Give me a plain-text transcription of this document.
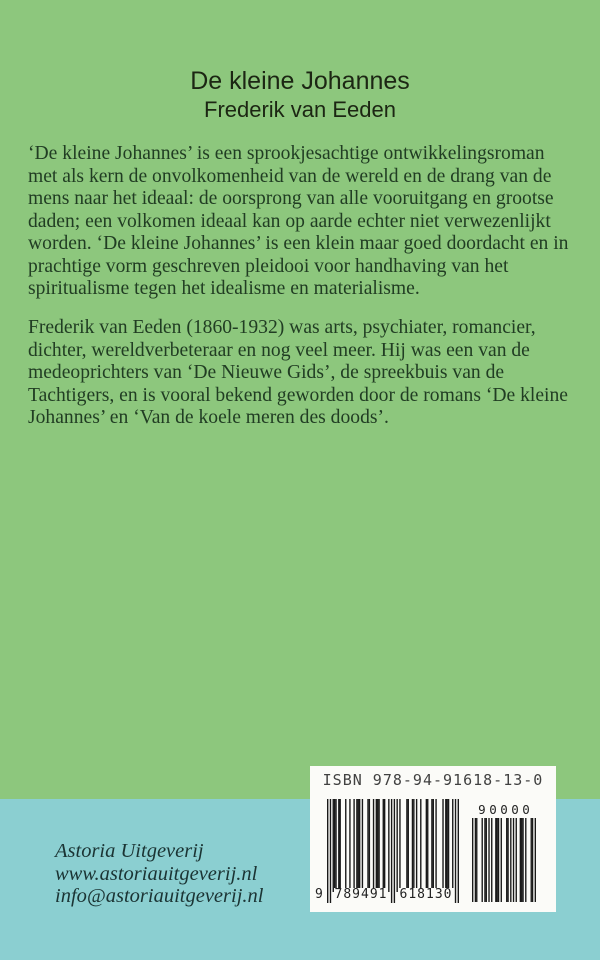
De kleine Johannes
Frederik van Eeden

‘De kleine Johannes’ is een sprookjesachtige ontwikkelingsroman met als kern de onvolkomenheid van de wereld en de drang van de mens naar het ideaal: de oorsprong van alle vooruitgang en grootse daden; een volkomen ideaal kan op aarde echter niet verwezenlijkt worden. ‘De kleine Johannes’ is een klein maar goed doordacht en in prachtige vorm geschreven pleidooi voor handhaving van het spiritualisme tegen het idealisme en materialisme.

Frederik van Eeden (1860-1932) was arts, psychiater, romancier, dichter, wereldverbeteraar en nog veel meer. Hij was een van de medeoprichters van ‘De Nieuwe Gids’, de spreekbuis van de Tachtigers, en is vooral bekend geworden door de romans ‘De kleine Johannes’ en ‘Van de koele meren des doods’.

Astoria Uitgeverij
www.astoriauitgeverij.nl
info@astoriauitgeverij.nl
ISBN 978-94-91618-13-0
9 789491 618130
90000
